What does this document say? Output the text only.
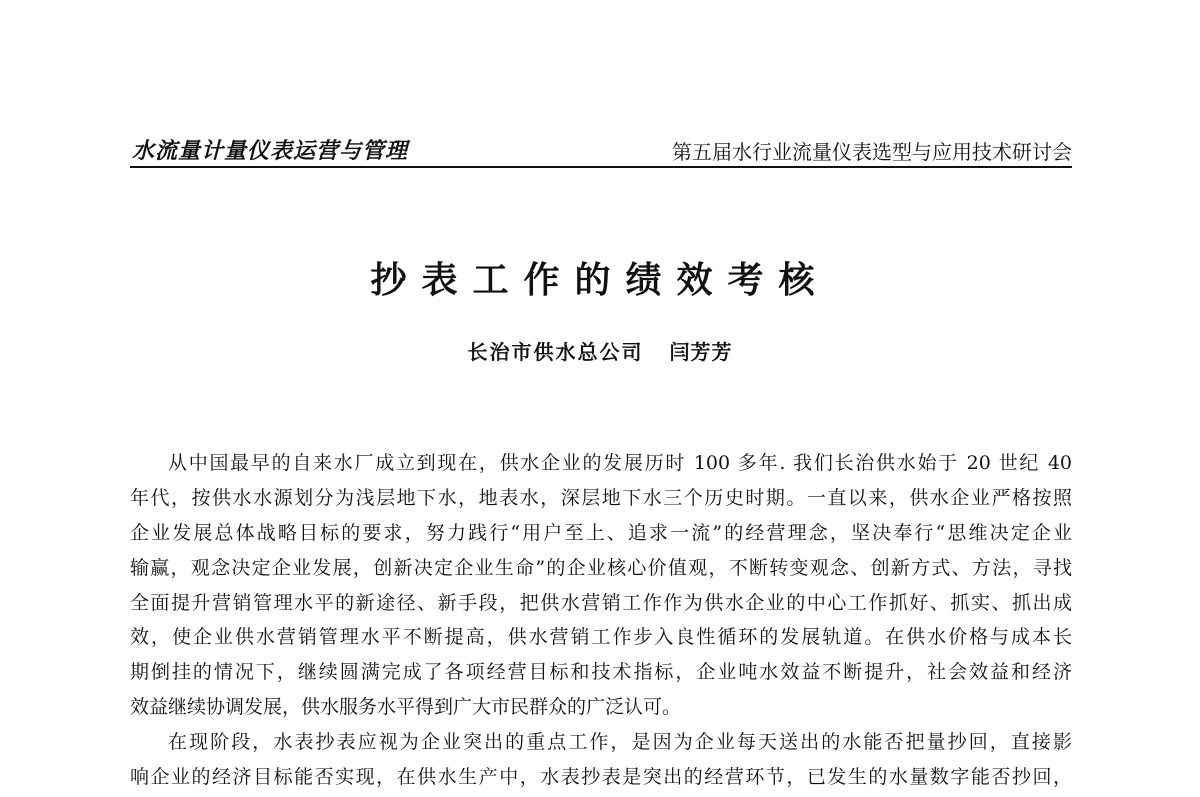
水流量计量仪表运营与管理	第五届水行业流量仪表选型与应用技术研讨会
抄表工作的绩效考核
长治市供水总公司 闫芳芳
从中国最早的自来水厂成立到现在，供水企业的发展历时 100 多年. 我们长治供水始于 20 世纪 40
年代，按供水水源划分为浅层地下水，地表水，深层地下水三个历史时期。一直以来，供水企业严格按照
企业发展总体战略目标的要求，努力践行“用户至上、追求一流”的经营理念，坚决奉行“思维决定企业
输赢，观念决定企业发展，创新决定企业生命”的企业核心价值观，不断转变观念、创新方式、方法，寻找
全面提升营销管理水平的新途径、新手段，把供水营销工作作为供水企业的中心工作抓好、抓实、抓出成
效，使企业供水营销管理水平不断提高，供水营销工作步入良性循环的发展轨道。在供水价格与成本长
期倒挂的情况下，继续圆满完成了各项经营目标和技术指标，企业吨水效益不断提升，社会效益和经济
效益继续协调发展，供水服务水平得到广大市民群众的广泛认可。
在现阶段，水表抄表应视为企业突出的重点工作，是因为企业每天送出的水能否把量抄回，直接影
响企业的经济目标能否实现，在供水生产中，水表抄表是突出的经营环节，已发生的水量数字能否抄回，
